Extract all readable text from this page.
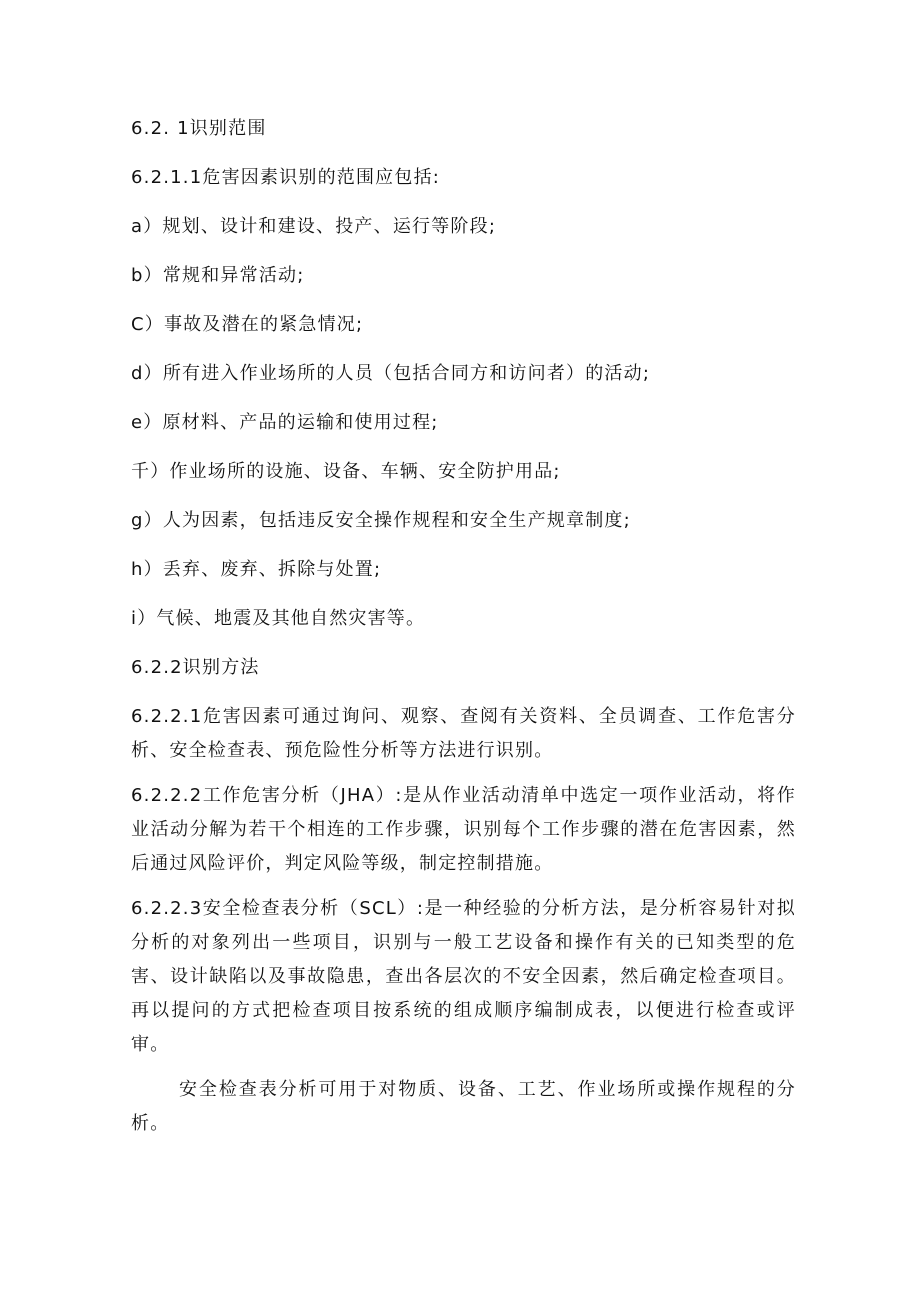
6.2. 1识别范围
6.2.1.1危害因素识别的范围应包括:
a）规划、设计和建设、投产、运行等阶段;
b）常规和异常活动;
C）事故及潜在的紧急情况;
d）所有进入作业场所的人员（包括合同方和访问者）的活动;
e）原材料、产品的运输和使用过程;
千）作业场所的设施、设备、车辆、安全防护用品;
g）人为因素，包括违反安全操作规程和安全生产规章制度;
h）丢弃、废弃、拆除与处置;
i）气候、地震及其他自然灾害等。
6.2.2识别方法
6.2.2.1危害因素可通过询问、观察、查阅有关资料、全员调查、工作危害分析、安全检查表、预危险性分析等方法进行识别。
6.2.2.2工作危害分析（JHA）:是从作业活动清单中选定一项作业活动，将作业活动分解为若干个相连的工作步骤，识别每个工作步骤的潜在危害因素，然后通过风险评价，判定风险等级，制定控制措施。
6.2.2.3安全检查表分析（SCL）:是一种经验的分析方法，是分析容易针对拟分析的对象列出一些项目，识别与一般工艺设备和操作有关的已知类型的危害、设计缺陷以及事故隐患，查出各层次的不安全因素，然后确定检查项目。再以提问的方式把检查项目按系统的组成顺序编制成表，以便进行检查或评审。
安全检查表分析可用于对物质、设备、工艺、作业场所或操作规程的分析。
